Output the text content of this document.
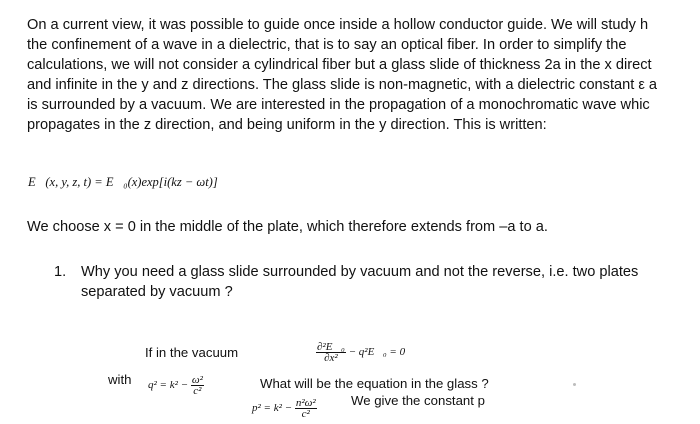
On a current view, it was possible to guide once inside a hollow conductor guide. We will study h
the confinement of a wave in a dielectric, that is to say an optical fiber. In order to simplify the
calculations, we will not consider a cylindrical fiber but a glass slide of thickness 2a in the x direct
and infinite in the y and z directions. The glass slide is non-magnetic, with a dielectric constant ε a
is surrounded by a vacuum. We are interested in the propagation of a monochromatic wave whic
propagates in the z direction, and being uniform in the y direction. This is written:
E⃗(x, y, z, t) = E⃗₀(x)exp[i(kz − ωt)]
We choose x = 0 in the middle of the plate, which therefore extends from –a to a.
1. Why you need a glass slide surrounded by vacuum and not the reverse, i.e. two plates
separated by vacuum ?
If in the vacuum	$\frac{\text{∂²E⃗₀}}{\text{∂x²}}$ − q²E⃗₀ = 0
with $q^2 = k^2 - \frac{\text{ω²}}{\text{c²}}$	What will be the equation in the glass ?
$p^2 = k^2 - \frac{\text{n²ω²}}{\text{c²}}$	We give the constant p
